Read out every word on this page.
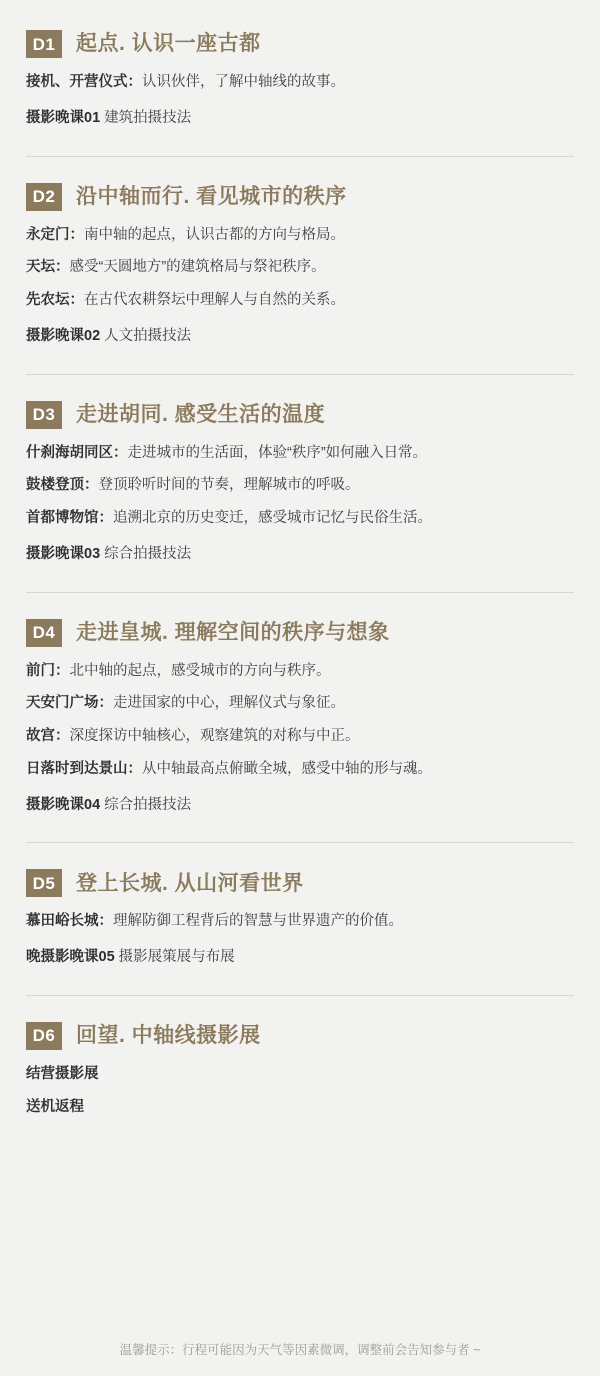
D1 起点. 认识一座古都

接机、开营仪式：认识伙伴，了解中轴线的故事。

摄影晚课01 建筑拍摄技法

D2 沿中轴而行. 看见城市的秩序

永定门：南中轴的起点，认识古都的方向与格局。

天坛：感受“天圆地方”的建筑格局与祭祀秩序。

先农坛：在古代农耕祭坛中理解人与自然的关系。

摄影晚课02 人文拍摄技法

D3 走进胡同. 感受生活的温度

什刹海胡同区：走进城市的生活面，体验“秩序”如何融入日常。

鼓楼登顶：登顶聆听时间的节奏，理解城市的呼吸。

首都博物馆：追溯北京的历史变迁，感受城市记忆与民俗生活。

摄影晚课03 综合拍摄技法

D4 走进皇城. 理解空间的秩序与想象

前门：北中轴的起点，感受城市的方向与秩序。

天安门广场：走进国家的中心，理解仪式与象征。

故宫：深度探访中轴核心，观察建筑的对称与中正。

日落时到达景山：从中轴最高点俯瞰全城，感受中轴的形与魂。

摄影晚课04 综合拍摄技法

D5 登上长城. 从山河看世界

慕田峪长城：理解防御工程背后的智慧与世界遗产的价值。

晚摄影晚课05 摄影展策展与布展

D6 回望. 中轴线摄影展

结营摄影展

送机返程

温馨提示：行程可能因为天气等因素微调，调整前会告知参与者 ~
